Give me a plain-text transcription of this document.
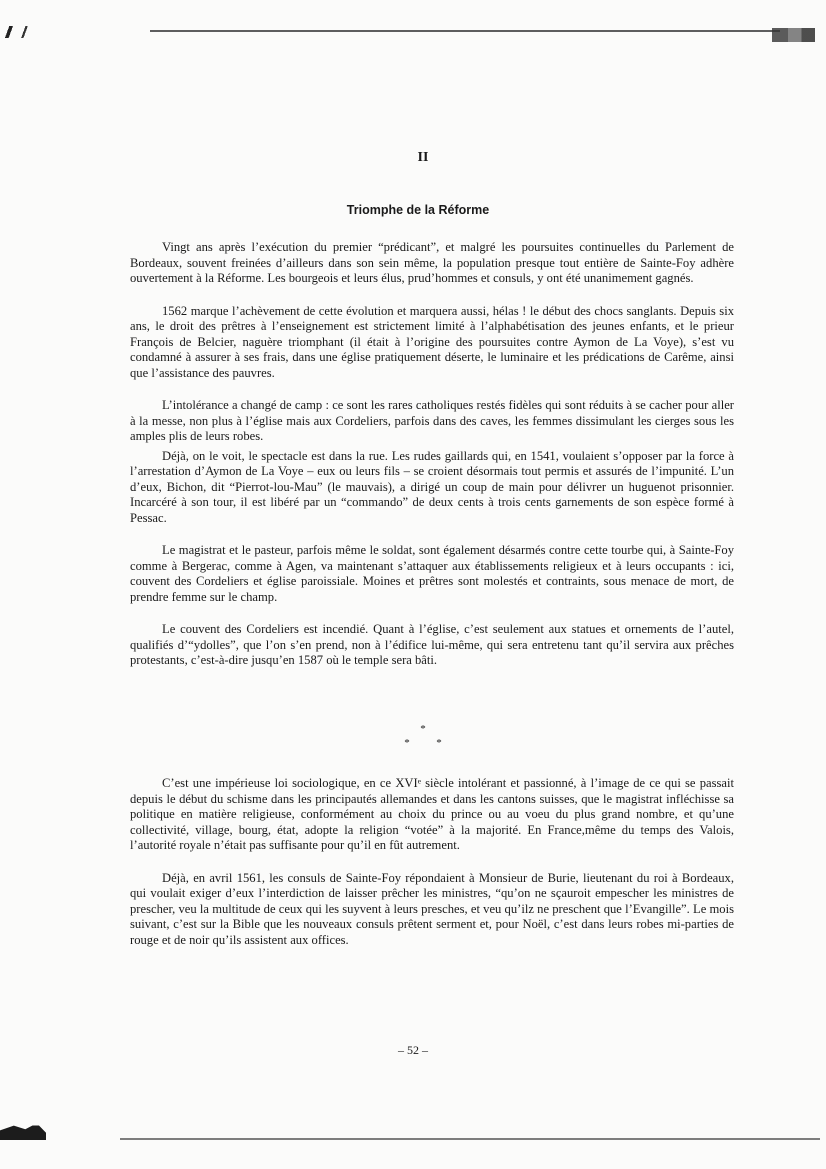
II
Triomphe de la Réforme

Vingt ans après l’exécution du premier “prédicant”, et malgré les poursuites continuelles du Parlement de Bordeaux, souvent freinées d’ailleurs dans son sein même, la population presque tout entière de Sainte-Foy adhère ouvertement à la Réforme. Les bourgeois et leurs élus, prud’hommes et consuls, y ont été unanimement gagnés.

1562 marque l’achèvement de cette évolution et marquera aussi, hélas ! le début des chocs sanglants. Depuis six ans, le droit des prêtres à l’enseignement est strictement limité à l’alphabétisation des jeunes enfants, et le prieur François de Belcier, naguère triomphant (il était à l’origine des poursuites contre Aymon de La Voye), s’est vu condamné à assurer à ses frais, dans une église pratiquement déserte, le luminaire et les prédications de Carême, ainsi que l’assistance des pauvres.

L’intolérance a changé de camp : ce sont les rares catholiques restés fidèles qui sont réduits à se cacher pour aller à la messe, non plus à l’église mais aux Cordeliers, parfois dans des caves, les femmes dissimulant les cierges sous les amples plis de leurs robes.

Déjà, on le voit, le spectacle est dans la rue. Les rudes gaillards qui, en 1541, voulaient s’opposer par la force à l’arrestation d’Aymon de La Voye – eux ou leurs fils – se croient désormais tout permis et assurés de l’impunité. L’un d’eux, Bichon, dit “Pierrot-lou-Mau” (le mauvais), a dirigé un coup de main pour délivrer un huguenot prisonnier. Incarcéré à son tour, il est libéré par un “commando” de deux cents à trois cents garnements de son espèce formé à Pessac.

Le magistrat et le pasteur, parfois même le soldat, sont également désarmés contre cette tourbe qui, à Sainte-Foy comme à Bergerac, comme à Agen, va maintenant s’attaquer aux établissements religieux et à leurs occupants : ici, couvent des Cordeliers et église paroissiale. Moines et prêtres sont molestés et contraints, sous menace de mort, de prendre femme sur le champ.

Le couvent des Cordeliers est incendié. Quant à l’église, c’est seulement aux statues et ornements de l’autel, qualifiés d’“ydolles”, que l’on s’en prend, non à l’édifice lui-même, qui sera entretenu tant qu’il servira aux prêches protestants, c’est-à-dire jusqu’en 1587 où le temple sera bâti.

*
* *

C’est une impérieuse loi sociologique, en ce XVIᵉ siècle intolérant et passionné, à l’image de ce qui se passait depuis le début du schisme dans les principautés allemandes et dans les cantons suisses, que le magistrat infléchisse sa politique en matière religieuse, conformément au choix du prince ou au voeu du plus grand nombre, et qu’une collectivité, village, bourg, état, adopte la religion “votée” à la majorité. En France,même du temps des Valois, l’autorité royale n’était pas suffisante pour qu’il en fût autrement.

Déjà, en avril 1561, les consuls de Sainte-Foy répondaient à Monsieur de Burie, lieutenant du roi à Bordeaux, qui voulait exiger d’eux l’interdiction de laisser prêcher les ministres, “qu’on ne sçauroit empescher les ministres de prescher, veu la multitude de ceux qui les suyvent à leurs presches, et veu qu’ilz ne preschent que l’Evangille”. Le mois suivant, c’est sur la Bible que les nouveaux consuls prêtent serment et, pour Noël, c’est dans leurs robes mi-parties de rouge et de noir qu’ils assistent aux offices.

– 52 –
